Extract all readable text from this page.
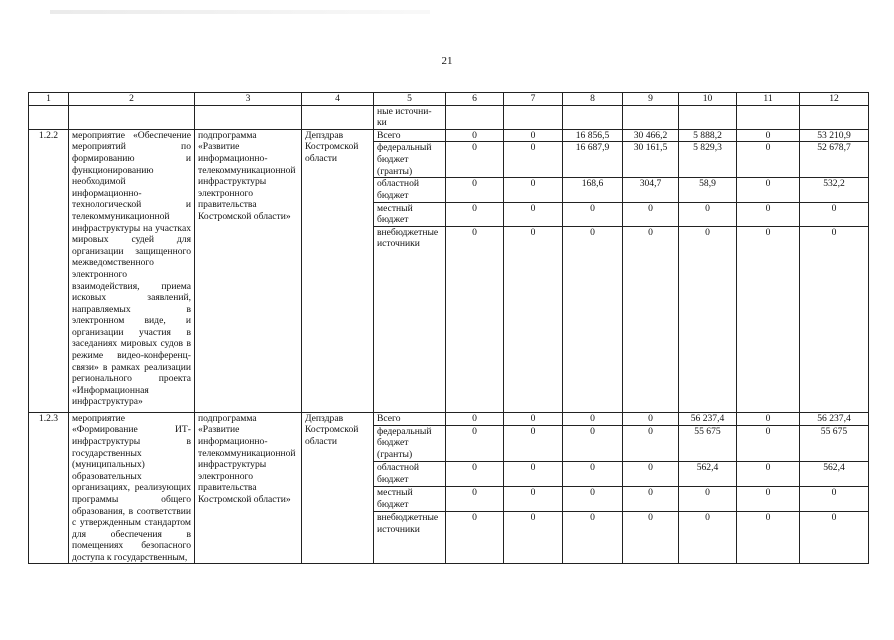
21
1	2	3	4	5	6	7	8	9	10	11	12
				ные источни-
ки							
1.2.2	мероприятие «Обеспечение мероприятий по формированию и функционированию необходимой информационно-технологической и телекоммуникационной инфраструктуры на участках мировых судей для организации защищенного межведомственного электронного взаимодействия, приема исковых заявлений, направляемых в электронном виде, и организации участия в заседаниях мировых судов в режиме видео-конференц-связи» в рамках реализации регионального проекта «Информационная инфраструктура»	подпрограмма «Развитие информационно-телекоммуникационной инфраструктуры электронного правительства Костромской области»	Депздрав Костромской области	Всего	0	0	16 856,5	30 466,2	5 888,2	0	53 210,9
				федеральный бюджет (гранты)	0	0	16 687,9	30 161,5	5 829,3	0	52 678,7
				областной бюджет	0	0	168,6	304,7	58,9	0	532,2
				местный бюджет	0	0	0	0	0	0	0
				внебюджетные источники	0	0	0	0	0	0	0
1.2.3	мероприятие «Формирование ИТ-инфраструктуры в государственных (муниципальных) образовательных организациях, реализующих программы общего образования, в соответствии с утвержденным стандартом для обеспечения в помещениях безопасного доступа к государственным,	подпрограмма «Развитие информационно-телекоммуникационной инфраструктуры электронного правительства Костромской области»	Депздрав Костромской области	Всего	0	0	0	0	56 237,4	0	56 237,4
				федеральный бюджет (гранты)	0	0	0	0	55 675	0	55 675
				областной бюджет	0	0	0	0	562,4	0	562,4
				местный бюджет	0	0	0	0	0	0	0
				внебюджетные источники	0	0	0	0	0	0	0
